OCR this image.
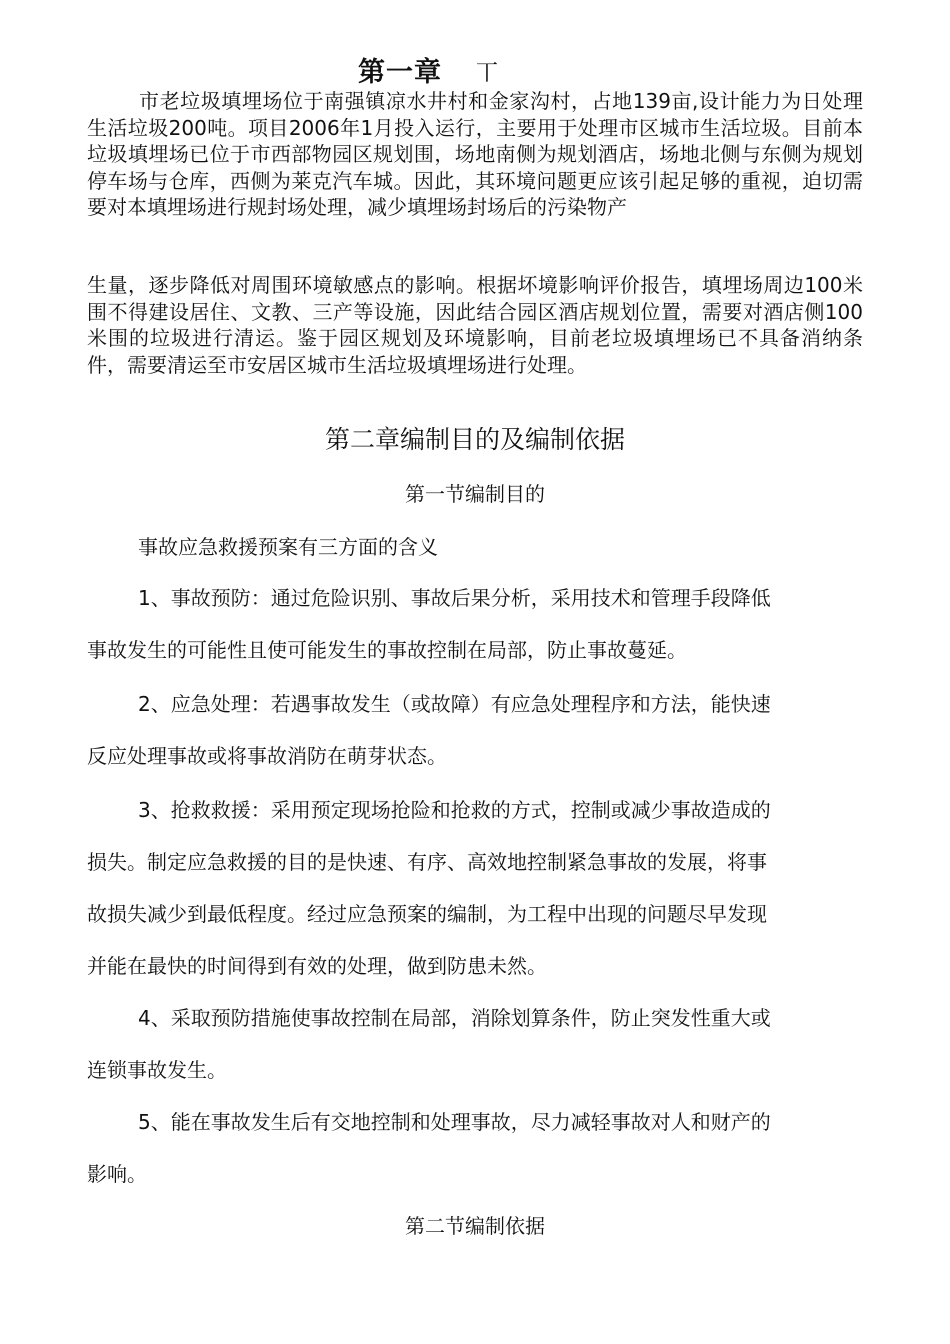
第一章 丅

市老垃圾填埋场位于南强镇凉水井村和金家沟村，占地139亩,设计能力为日处理生活垃圾200吨。项目2006年1月投入运行，主要用于处理市区城市生活垃圾。目前本垃圾填埋场已位于市西部物园区规划围，场地南侧为规划酒店，场地北侧与东侧为规划停车场与仓库，西侧为莱克汽车城。因此，其环境问题更应该引起足够的重视，迫切需要对本填埋场进行规封场处理，减少填埋场封场后的污染物产

生量，逐步降低对周围环境敏感点的影响。根据坏境影响评价报告，填埋场周边100米围不得建设居住、文教、三产等设施，因此结合园区酒店规划位置，需要对酒店侧100米围的垃圾进行清运。鉴于园区规划及环境影响，目前老垃圾填埋场已不具备消纳条件，需要清运至市安居区城市生活垃圾填埋场进行处理。

第二章编制目的及编制依据
第一节编制目的

事故应急救援预案有三方面的含义

1、事故预防：通过危险识别、事故后果分析，采用技术和管理手段降低

事故发生的可能性且使可能发生的事故控制在局部，防止事故蔓延。

2、应急处理：若遇事故发生（或故障）有应急处理程序和方法，能快速

反应处理事故或将事故消防在萌芽状态。

3、抢救救援：采用预定现场抢险和抢救的方式，控制或减少事故造成的

损失。制定应急救援的目的是快速、有序、高效地控制紧急事故的发展，将事

故损失减少到最低程度。经过应急预案的编制，为工程中出现的问题尽早发现

并能在最快的时间得到有效的处理，做到防患未然。

4、采取预防措施使事故控制在局部，消除划算条件，防止突发性重大或

连锁事故发生。

5、能在事故发生后有交地控制和处理事故，尽力减轻事故对人和财产的

影响。

第二节编制依据
